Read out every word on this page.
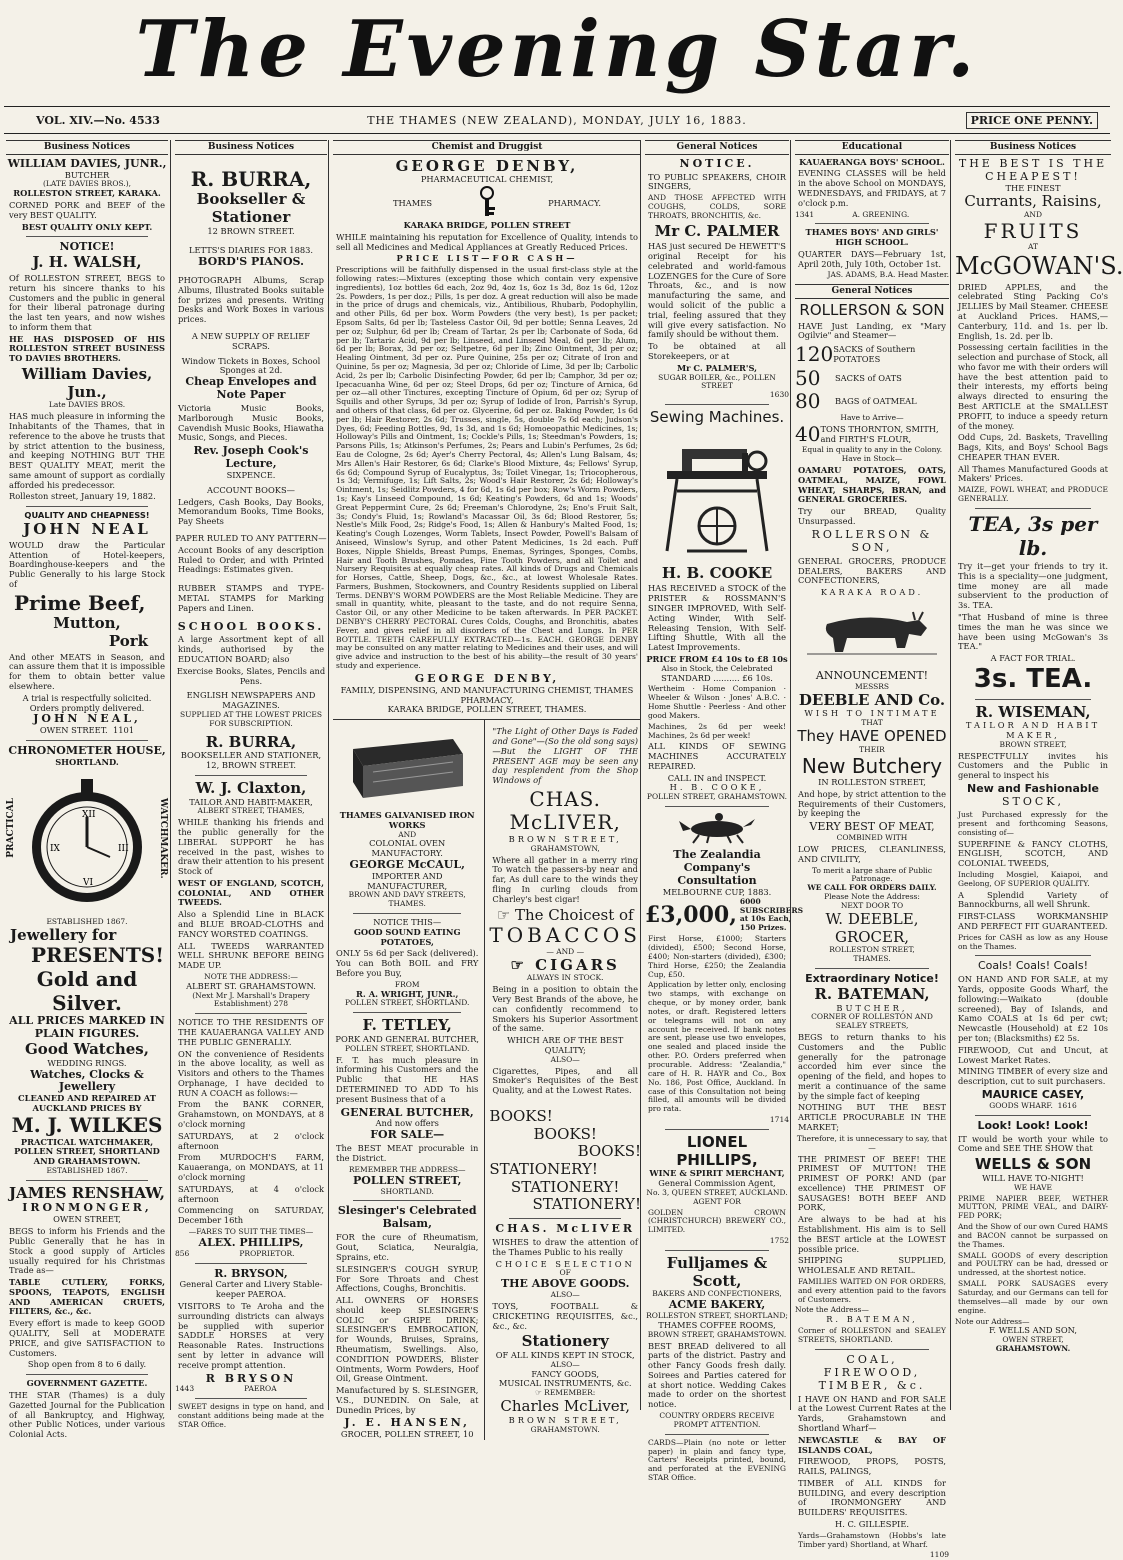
The Evening Star.
VOL. XIV.—No. 4533	THE THAMES (NEW ZEALAND), MONDAY, JULY 16, 1883.	PRICE ONE PENNY.
Business Notices
WILLIAM DAVIES, JUNR.,
BUTCHER
(LATE DAVIES BROS.),
ROLLESTON STREET, KARAKA.
CORNED PORK and BEEF of the very BEST QUALITY.
BEST QUALITY ONLY KEPT.
NOTICE!
J. H. WALSH,
Of ROLLESTON STREET, BEGS to return his sincere thanks to his Customers and the public in general for their liberal patronage during the last ten years, and now wishes to inform them that
HE HAS DISPOSED OF HIS ROLLESTON STREET BUSINESS TO DAVIES BROTHERS.
William Davies, Jun.,
Late DAVIES BROS.
HAS much pleasure in informing the Inhabitants of the Thames, that in reference to the above he trusts that by strict attention to the business, and keeping NOTHING BUT THE BEST QUALITY MEAT, merit the same amount of support as cordially afforded his predecessor.
Rolleston street, January 19, 1882.
QUALITY AND CHEAPNESS!
JOHN NEAL
WOULD draw the Particular Attention of Hotel-keepers, Boardinghouse-keepers and the Public Generally to his large Stock of
Prime Beef,
Mutton,
Pork
And other MEATS in Season, and can assure them that it is impossible for them to obtain better value elsewhere.
A trial is respectfully solicited.
Orders promptly delivered.
JOHN NEAL,
OWEN STREET. 1101
CHRONOMETER HOUSE,
SHORTLAND.
PRACTICAL	XII
III
VI
IX	WATCHMAKER.
ESTABLISHED 1867.
Jewellery for
PRESENTS!
Gold and Silver.
ALL PRICES MARKED IN PLAIN FIGURES.
Good Watches,
WEDDING RINGS.
Watches, Clocks & Jewellery
CLEANED AND REPAIRED AT AUCKLAND PRICES BY
M. J. WILKES
PRACTICAL WATCHMAKER,
POLLEN STREET, SHORTLAND AND GRAHAMSTOWN.
ESTABLISHED 1867.
JAMES RENSHAW,
IRONMONGER,
OWEN STREET,
BEGS to inform his Friends and the Public Generally that he has in Stock a good supply of Articles usually required for his Christmas Trade as—
TABLE CUTLERY, FORKS, SPOONS, TEAPOTS, ENGLISH AND AMERICAN CRUETS, FILTERS, &c., &c.
Every effort is made to keep GOOD QUALITY, Sell at MODERATE PRICE, and give SATISFACTION to Customers.
Shop open from 8 to 6 daily.
GOVERNMENT GAZETTE.
THE STAR (Thames) is a duly Gazetted Journal for the Publication of all Bankruptcy, and Highway, other Public Notices, under various Colonial Acts.
Business Notices
R. BURRA,
Bookseller & Stationer
12 BROWN STREET.
LETTS'S DIARIES FOR 1883.
BORD'S PIANOS.
PHOTOGRAPH Albums, Scrap Albums, Illustrated Books suitable for prizes and presents. Writing Desks and Work Boxes in various prices.
A NEW SUPPLY OF RELIEF SCRAPS.
Window Tickets in Boxes, School Sponges at 2d.
Cheap Envelopes and Note Paper
Victoria Music Books, Marlborough Music Books, Cavendish Music Books, Hiawatha Music, Songs, and Pieces.
Rev. Joseph Cook's Lecture,
SIXPENCE.
ACCOUNT BOOKS—
Ledgers, Cash Books, Day Books, Memorandum Books, Time Books, Pay Sheets
PAPER RULED TO ANY PATTERN—
Account Books of any description Ruled to Order, and with Printed Headings: Estimates given.
RUBBER STAMPS and TYPE-METAL STAMPS for Marking Papers and Linen.
SCHOOL BOOKS.
A large Assortment kept of all kinds, authorised by the EDUCATION BOARD; also
Exercise Books, Slates, Pencils and Pens.
ENGLISH NEWSPAPERS AND MAGAZINES.
SUPPLIED AT THE LOWEST PRICES FOR SUBSCRIPTION.
R. BURRA,
BOOKSELLER AND STATIONER,
12, BROWN STREET.
W. J. Claxton,
TAILOR AND HABIT-MAKER,
ALBERT STREET, THAMES,
WHILE thanking his friends and the public generally for the LIBERAL SUPPORT he has received in the past, wishes to draw their attention to his present Stock of
WEST OF ENGLAND, SCOTCH, COLONIAL, AND OTHER TWEEDS.
Also a Splendid Line in BLACK and BLUE BROAD-CLOTHS and FANCY WORSTED COATINGS.
ALL TWEEDS WARRANTED WELL SHRUNK BEFORE BEING MADE UP.
NOTE THE ADDRESS:—
ALBERT ST. GRAHAMSTOWN.
(Next Mr J. Marshall's Drapery Establishment) 278
NOTICE TO THE RESIDENTS OF THE KAUAERANGA VALLEY AND THE PUBLIC GENERALLY.
ON the convenience of Residents in the above locality, as well as Visitors and others to the Thames Orphanage, I have decided to RUN A COACH as follows:—
From the BANK CORNER, Grahamstown, on MONDAYS, at 8 o'clock morning
SATURDAYS, at 2 o'clock afternoon
From MURDOCH'S FARM, Kauaeranga, on MONDAYS, at 11 o'clock morning
SATURDAYS, at 4 o'clock afternoon
Commencing on SATURDAY, December 16th
—FARES TO SUIT THE TIMES—
ALEX. PHILLIPS,
856                     PROPRIETOR.
R. BRYSON,
General Carter and Livery Stable-keeper PAEROA.
VISITORS to Te Aroha and the surrounding districts can always be supplied with superior SADDLE HORSES at very Reasonable Rates. Instructions sent by letter in advance will receive prompt attention.
R BRYSON
1443                     PAEROA
SWEET designs in type on hand, and constant additions being made at the STAR Office.
Chemist and Druggist
GEORGE DENBY,
PHARMACEUTICAL CHEMIST,
THAMES	PHARMACY.
KARAKA BRIDGE, POLLEN STREET
WHILE maintaining his reputation for Excellence of Quality, intends to sell all Medicines and Medical Appliances at Greatly Reduced Prices.
PRICE LIST—FOR CASH—
Prescriptions will be faithfully dispensed in the usual first-class style at the following rates:—Mixtures (excepting those which contain very expensive ingredients), 1oz bottles 6d each, 2oz 9d, 4oz 1s, 6oz 1s 3d, 8oz 1s 6d, 12oz 2s. Powders, 1s per doz.; Pills, 1s per doz. A great reduction will also be made in the price of drugs and chemicals, viz., Antibilious, Rhubarb, Podophyllin, and other Pills, 6d per box. Worm Powders (the very best), 1s per packet; Epsom Salts, 6d per lb; Tasteless Castor Oil, 9d per bottle; Senna Leaves, 2d per oz; Sulphur, 6d per lb; Cream of Tartar, 2s per lb; Carbonate of Soda, 6d per lb; Tartaric Acid, 9d per lb; Linseed, and Linseed Meal, 6d per lb; Alum, 6d per lb; Borax, 3d per oz; Seltpetre, 6d per lb; Zinc Ointment, 3d per oz; Healing Ointment, 3d per oz. Pure Quinine, 25s per oz; Citrate of Iron and Quinine, 5s per oz; Magnesia, 3d per oz; Chloride of Lime, 3d per lb; Carbolic Acid, 2s per lb; Carbolic Disinfecting Powder, 6d per lb; Camphor, 3d per oz; Ipecacuanha Wine, 6d per oz; Steel Drops, 6d per oz; Tincture of Arnica, 6d per oz—all other Tinctures, excepting Tincture of Opium, 6d per oz; Syrup of Squills and other Syrups, 3d per oz; Syrup of Iodide of Iron, Parrish's Syrup, and others of that class, 6d per oz. Glycerine, 6d per oz. Baking Powder, 1s 6d per lb; Hair Restorer, 2s 6d; Trusses, single, 5s, double 7s 6d each; Judson's Dyes, 6d; Feeding Bottles, 9d, 1s 3d, and 1s 6d; Homoeopathic Medicines, 1s; Holloway's Pills and Ointment, 1s; Cockle's Pills, 1s; Steedman's Powders, 1s; Parsons Pills, 1s; Atkinson's Perfumes, 2s; Pears and Lubin's Perfumes, 2s 6d; Eau de Cologne, 2s 6d; Ayer's Cherry Pectoral, 4s; Allen's Lung Balsam, 4s; Mrs Allen's Hair Restorer, 6s 6d; Clarke's Blood Mixture, 4s; Fellows' Syrup, 6s 6d; Compound Syrup of Eucalyptus, 3s; Toilet Vinegar, 1s; Triocopherous, 1s 3d; Vermifuge, 1s; Lift Salts, 2s; Wood's Hair Restorer, 2s 6d; Holloway's Ointment, 1s; Seidlitz Powders, 4 for 6d, 1s 6d per box; Row's Worm Powders, 1s; Kay's Linseed Compound, 1s 6d; Keating's Powders, 6d and 1s; Woods' Great Peppermint Cure, 2s 6d; Freeman's Chlorodyne, 2s; Eno's Fruit Salt, 3s; Condy's Fluid, 1s; Rowland's Macassar Oil, 3s 6d; Blood Restorer, 5s; Nestle's Milk Food, 2s; Ridge's Food, 1s; Allen & Hanbury's Malted Food, 1s; Keating's Cough Lozenges, Worm Tablets, Insect Powder, Powell's Balsam of Aniseed, Winslow's Syrup, and other Patent Medicines, 1s 2d each. Puff Boxes, Nipple Shields, Breast Pumps, Enemas, Syringes, Sponges, Combs, Hair and Tooth Brushes, Pomades, Fine Tooth Powders, and all Toilet and Nursery Requisites at equally cheap rates. All kinds of Drugs and Chemicals for Horses, Cattle, Sheep, Dogs, &c., &c., at lowest Wholesale Rates. Farmers, Bushmen, Stockowners, and Country Residents supplied on Liberal Terms. DENBY'S WORM POWDERS are the Most Reliable Medicine. They are small in quantity, white, pleasant to the taste, and do not require Senna, Castor Oil, or any other Medicine to be taken afterwards. In PER PACKET. DENBY'S CHERRY PECTORAL Cures Colds, Coughs, and Bronchitis, abates Fever, and gives relief in all disorders of the Chest and Lungs. In PER BOTTLE. TEETH CAREFULLY EXTRACTED—1s. EACH. GEORGE DENBY may be consulted on any matter relating to Medicines and their uses, and will give advice and instruction to the best of his ability—the result of 30 years' study and experience.
GEORGE DENBY,
FAMILY, DISPENSING, AND MANUFACTURING CHEMIST, THAMES PHARMACY,
KARAKA BRIDGE, POLLEN STREET, THAMES.
THAMES GALVANISED IRON WORKS
AND
COLONIAL OVEN MANUFACTORY.
GEORGE McCAUL,
IMPORTER AND MANUFACTURER,
BROWN AND DAVY STREETS, THAMES.
NOTICE THIS—
GOOD SOUND EATING POTATOES,
ONLY 5s 6d per Sack (delivered). You can Both BOIL and FRY Before you Buy,
FROM
R. A. WRIGHT, JUNR.,
POLLEN STREET, SHORTLAND.
F. TETLEY,
PORK AND GENERAL BUTCHER,
POLLEN STREET, SHORTLAND.
F. T. has much pleasure in informing his Customers and the Public that HE HAS DETERMINED TO ADD To his present Business that of a
GENERAL BUTCHER,
And now offers
FOR SALE—
The BEST MEAT procurable in the District.
REMEMBER THE ADDRESS—
POLLEN STREET,
SHORTLAND.
Slesinger's Celebrated Balsam,
FOR the cure of Rheumatism, Gout, Sciatica, Neuralgia, Sprains, etc.
SLESINGER'S COUGH SYRUP, For Sore Throats and Chest Affections, Coughs, Bronchitis.
ALL OWNERS OF HORSES should keep SLESINGER'S COLIC or GRIPE DRINK; SLESINGER'S EMBROCATION, for Wounds, Bruises, Sprains, Rheumatism, Swellings. Also, CONDITION POWDERS, Blister Ointments, Worm Powders, Hoof Oil, Grease Ointment.
Manufactured by S. SLESINGER, V.S., DUNEDIN. On Sale, at Dunedin Prices, by
J. E. HANSEN,
GROCER, POLLEN STREET, 10
"The Light of Other Days is Faded and Gone"—(So the old song says)—But the LIGHT OF THE PRESENT AGE may be seen any day resplendent from the Shop Windows of
CHAS. McLIVER,
BROWN STREET,
GRAHAMSTOWN,
Where all gather in a merry ring To watch the passers-by near and far, As dull care to the winds they fling In curling clouds from Charley's best cigar!
☞ The Choicest of
TOBACCOS
— AND —
☞ CIGARS
ALWAYS IN STOCK.
Being in a position to obtain the Very Best Brands of the above, he can confidently recommend to Smokers his Superior Assortment of the same.
WHICH ARE OF THE BEST QUALITY;
ALSO—
Cigarettes, Pipes, and all Smoker's Requisites of the Best Quality, and at the Lowest Rates.
BOOKS!
BOOKS!
BOOKS!
STATIONERY!
STATIONERY!
STATIONERY!
CHAS. McLIVER
WISHES to draw the attention of the Thames Public to his really
CHOICE SELECTION
OF
THE ABOVE GOODS.
ALSO—
TOYS, FOOTBALL & CRICKETING REQUISITES, &c., &c., &c.
Stationery
OF ALL KINDS KEPT IN STOCK,
ALSO—
FANCY GOODS,
MUSICAL INSTRUMENTS, &c.
☞ REMEMBER:
Charles McLiver,
BROWN STREET,
GRAHAMSTOWN.
General Notices
NOTICE.
TO PUBLIC SPEAKERS, CHOIR SINGERS,
AND THOSE AFFECTED WITH COUGHS, COLDS, SORE THROATS, BRONCHITIS, &c.
Mr C. PALMER
HAS just secured De HEWETT'S original Receipt for his celebrated and world-famous LOZENGES for the Cure of Sore Throats, &c., and is now manufacturing the same, and would solicit of the public a trial, feeling assured that they will give every satisfaction. No family should be without them.
To be obtained at all Storekeepers, or at
Mr C. PALMER'S,
SUGAR BOILER, &c., POLLEN STREET
1630
Sewing Machines.
H. B. COOKE
HAS RECEIVED a STOCK of the PRISTER & ROSSMANN'S SINGER IMPROVED, With Self-Acting Winder, With Self-Releasing Tension, With Self-Lifting Shuttle, With all the Latest Improvements.
PRICE FROM £4 10s to £8 10s
Also in Stock, the Celebrated
STANDARD .......... £6 10s.
Wertheim · Home Companion · Wheeler & Wilson · Jones' A.B.C. · Home Shuttle · Peerless · And other good Makers.
Machines, 2s 6d per week! Machines, 2s 6d per week!
ALL KINDS OF SEWING MACHINES ACCURATELY REPAIRED.
CALL IN and INSPECT.
H. B. COOKE,
POLLEN STREET, GRAHAMSTOWN.
The Zealandia Company's Consultation
MELBOURNE CUP, 1883.
£3,000,
6000 SUBSCRIBERS at 10s Each, 150 Prizes.
First Horse, £1000; Starters (divided), £500; Second Horse, £400; Non-starters (divided), £300; Third Horse, £250; the Zealandia Cup, £50.
Application by letter only, enclosing two stamps, with exchange on cheque, or by money order, bank notes, or draft. Registered letters or telegrams will not on any account be received. If bank notes are sent, please use two envelopes, one sealed and placed inside the other. P.O. Orders preferred when procurable. Address: "Zealandia," care of H. R. HAYR and Co., Box No. 186, Post Office, Auckland. In case of this Consultation not being filled, all amounts will be divided pro rata.
1714
LIONEL PHILLIPS,
WINE & SPIRIT MERCHANT,
General Commission Agent,
No. 3, QUEEN STREET, AUCKLAND.
AGENT FOR
GOLDEN CROWN (CHRISTCHURCH) BREWERY CO., LIMITED.
1752
Fulljames & Scott,
BAKERS AND CONFECTIONERS,
ACME BAKERY,
ROLLESTON STREET, SHORTLAND;
THAMES COFFEE ROOMS,
BROWN STREET, GRAHAMSTOWN.
BEST BREAD delivered to all parts of the district. Pastry and other Fancy Goods fresh daily. Soirees and Parties catered for at short notice. Wedding Cakes made to order on the shortest notice.
COUNTRY ORDERS RECEIVE PROMPT ATTENTION.
CARDS—Plain (no note or letter paper) in plain and fancy type, Carters' Receipts printed, bound, and perforated at the EVENING STAR Office.
Educational
KAUAERANGA BOYS' SCHOOL.
EVENING CLASSES will be held in the above School on MONDAYS, WEDNESDAYS, and FRIDAYS, at 7 o'clock p.m.
1341                A. GREENING.
THAMES BOYS' AND GIRLS' HIGH SCHOOL.
QUARTER DAYS—February 1st, April 20th, July 10th, October 1st.
JAS. ADAMS, B.A. Head Master.
General Notices
ROLLERSON & SON
HAVE Just Landing, ex "Mary Ogilvie" and Steamer—
120 SACKS of Southern POTATOES
50	SACKS of OATS
80	BAGS of OATMEAL
Have to Arrive—
40 TONS THORNTON, SMITH, and FIRTH'S FLOUR,
Equal in quality to any in the Colony.
Have in Stock—
OAMARU POTATOES, OATS, OATMEAL, MAIZE, FOWL WHEAT, SHARPS, BRAN, and GENERAL GROCERIES.
Try our BREAD, Quality Unsurpassed.
ROLLERSON & SON,
GENERAL GROCERS, PRODUCE DEALERS, BAKERS AND CONFECTIONERS,
KARAKA ROAD.
ANNOUNCEMENT!
MESSRS
DEEBLE AND Co.
WISH TO INTIMATE
THAT
They HAVE OPENED
THEIR
New Butchery
IN ROLLESTON STREET,
And hope, by strict attention to the Requirements of their Customers, by keeping the
VERY BEST OF MEAT,
COMBINED WITH
LOW PRICES, CLEANLINESS, AND CIVILITY,
To merit a large share of Public Patronage.
WE CALL FOR ORDERS DAILY.
Please Note the Address:
NEXT DOOR TO
W. DEEBLE, GROCER,
ROLLESTON STREET,
THAMES.
Extraordinary Notice!
R. BATEMAN,
BUTCHER,
CORNER OF ROLLESTON AND SEALEY STREETS,
BEGS to return thanks to his Customers and the Public generally for the patronage accorded him ever since the opening of the field, and hopes to merit a continuance of the same by the simple fact of keeping
NOTHING BUT THE BEST ARTICLE PROCURABLE IN THE MARKET;
Therefore, it is unnecessary to say, that—
THE PRIMEST OF BEEF! THE PRIMEST OF MUTTON! THE PRIMEST OF PORK! AND (par excellence) THE PRIMEST OF SAUSAGES! BOTH BEEF AND PORK,
Are always to be had at his Establishment. His aim is to Sell the BEST article at the LOWEST possible price.
SHIPPING SUPPLIED, WHOLESALE AND RETAIL.
FAMILIES WAITED ON FOR ORDERS, and every attention paid to the favors of Customers.
Note the Address—
R. BATEMAN,
Corner of ROLLESTON and SEALEY STREETS, SHORTLAND.
COAL, FIREWOOD, TIMBER, &c.
I HAVE ON HAND and FOR SALE at the Lowest Current Rates at the Yards, Grahamstown and Shortland Wharf—
NEWCASTLE & BAY OF ISLANDS COAL,
FIREWOOD, PROPS, POSTS, RAILS, PALINGS,
TIMBER of ALL KINDS for BUILDING, and every description of IRONMONGERY AND BUILDERS' REQUISITES.
H. C. GILLESPIE.
Yards—Grahamstown (Hobbs's late Timber yard) Shortland, at Wharf.
1109
Business Notices
THE BEST IS THE CHEAPEST!
THE FINEST
Currants, Raisins,
AND
FRUITS
AT
McGOWAN'S.
DRIED APPLES, and the celebrated Sting Packing Co's JELLIES by Mail Steamer. CHEESE at Auckland Prices. HAMS,—Canterbury, 11d. and 1s. per lb. English, 1s. 2d. per lb.
Possessing certain facilities in the selection and purchase of Stock, all who favor me with their orders will have the best attention paid to their interests, my efforts being always directed to ensuring the Best ARTICLE at the SMALLEST PROFIT, to induce a speedy return of the money.
Odd Cups, 2d. Baskets, Travelling Bags, Kits, and Boys' School Bags CHEAPER THAN EVER.
All Thames Manufactured Goods at Makers' Prices.
MAIZE, FOWL WHEAT, and PRODUCE GENERALLY.
TEA, 3s per lb.
Try it—get your friends to try it. This is a speciality—one judgment, time money are all made subservient to the production of 3s. TEA.
"That Husband of mine is three times the man he was since we have been using McGowan's 3s TEA."
A FACT FOR TRIAL.
3s. TEA.
R. WISEMAN,
TAILOR AND HABIT MAKER,
BROWN STREET,
RESPECTFULLY invites his Customers and the Public in general to inspect his
New and Fashionable
STOCK,
Just Purchased expressly for the present and forthcoming Seasons, consisting of—
SUPERFINE & FANCY CLOTHS, ENGLISH, SCOTCH, AND COLONIAL TWEEDS,
Including Mosgiel, Kaiapoi, and Geelong, OF SUPERIOR QUALITY.
A Splendid Variety of Bannockburns, all well Shrunk.
FIRST-CLASS WORKMANSHIP AND PERFECT FIT GUARANTEED.
Prices for CASH as low as any House on the Thames.
Coals! Coals! Coals!
ON HAND AND FOR SALE, at my Yards, opposite Goods Wharf, the following:—Waikato (double screened), Bay of Islands, and Kamo COALS at 1s 6d per cwt; Newcastle (Household) at £2 10s per ton; (Blacksmiths) £2 5s.
FIREWOOD, Cut and Uncut, at Lowest Market Rates.
MINING TIMBER of every size and description, cut to suit purchasers.
MAURICE CASEY,
GOODS WHARF. 1616
Look! Look! Look!
IT would be worth your while to Come and SEE THE SHOW that
WELLS & SON
WILL HAVE TO-NIGHT!
WE HAVE
PRIME NAPIER BEEF, WETHER MUTTON, PRIME VEAL, and DAIRY-FED PORK;
And the Show of our own Cured HAMS and BACON cannot be surpassed on the Thames.
SMALL GOODS of every description and POULTRY can be had, dressed or undressed, at the shortest notice.
SMALL PORK SAUSAGES every Saturday, and our Germans can tell for themselves—all made by our own engine.
Note our Address—
F. WELLS AND SON,
OWEN STREET,
GRAHAMSTOWN.
